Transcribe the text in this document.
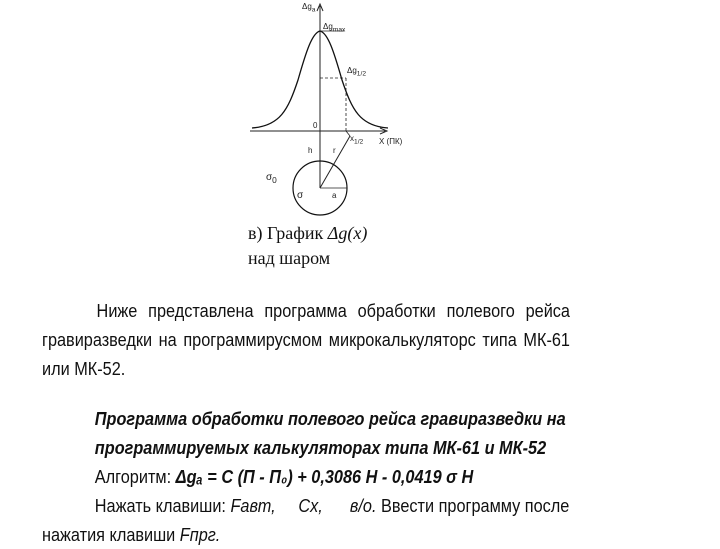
$\Delta g_a$
$\Delta g_{max}$
$\Delta g_{1/2}$
0
$x_{1/2}$ X (ПК)
h	r
$\sigma_0$
σ	a
в) График Δg(x)
над шаром
Ниже представлена программа обработки полевого рейса
гравиразведки на программирусмом микрокалькуляторс типа МК-61
или МК-52.
Программа обработки полевого рейса гравиразведки на
программируемых калькуляторах типа МК-61 и МК-52
Алгоритм: Δgₐ = С (П - П₀) + 0,3086 Н - 0,0419 σ Н
Нажать клавиши: Fавт, Сх, в/о. Ввести программу после
нажатия клавиши Fпрг.
